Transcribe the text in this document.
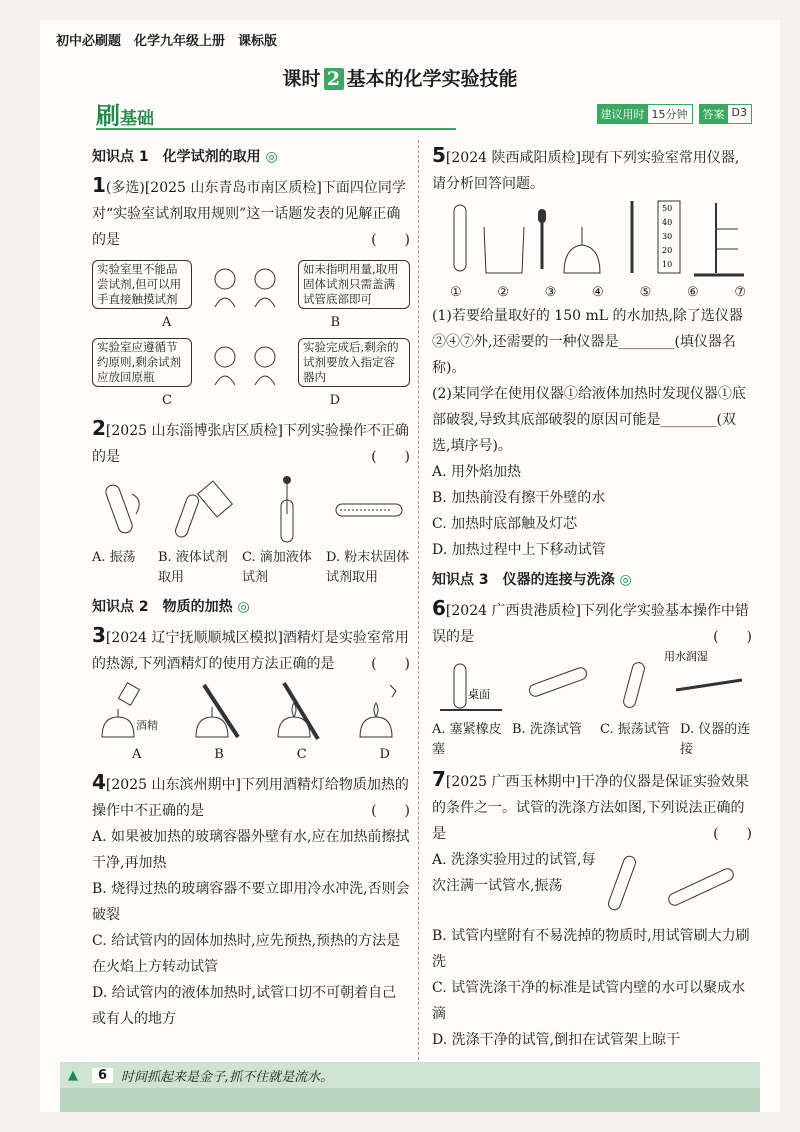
初中必刷题　化学九年级上册　课标版
课时 2 基本的化学实验技能
刷基础	建议用时 15分钟	答案 D3
知识点 1　化学试剂的取用 ◎
1(多选)[2025 山东青岛市南区质检]下面四位同学对“实验室试剂取用规则”这一话题发表的见解正确的是	(　　)
实验室里不能品尝试剂,但可以用手直接触摸试剂
如未指明用量,取用固体试剂只需盖满试管底部即可
A	B
实验室应遵循节约原则,剩余试剂应放回原瓶
实验完成后,剩余的试剂要放入指定容器内
C	D
2[2025 山东淄博张店区质检]下列实验操作不正确的是	(　　)
A. 振荡	B. 液体试剂取用
C. 滴加液体试剂
D. 粉末状固体试剂取用
知识点 2　物质的加热 ◎
3[2024 辽宁抚顺顺城区模拟]酒精灯是实验室常用的热源,下列酒精灯的使用方法正确的是	(　　)
酒精
A	B	C	D
4[2025 山东滨州期中]下列用酒精灯给物质加热的操作中不正确的是	(　　)
A. 如果被加热的玻璃容器外壁有水,应在加热前擦拭干净,再加热
B. 烧得过热的玻璃容器不要立即用冷水冲洗,否则会破裂
C. 给试管内的固体加热时,应先预热,预热的方法是在火焰上方转动试管
D. 给试管内的液体加热时,试管口切不可朝着自己或有人的地方
5[2024 陕西咸阳质检]现有下列实验室常用仪器,请分析回答问题。
50
40
30
20
10
①	②	③	④	⑤	⑥	⑦
(1)若要给量取好的 150 mL 的水加热,除了选仪器②④⑦外,还需要的一种仪器是________(填仪器名称)。
(2)某同学在使用仪器①给液体加热时发现仪器①底部破裂,导致其底部破裂的原因可能是________(双选,填序号)。
A. 用外焰加热
B. 加热前没有擦干外壁的水
C. 加热时底部触及灯芯
D. 加热过程中上下移动试管
知识点 3　仪器的连接与洗涤 ◎
6[2024 广西贵港质检]下列化学实验基本操作中错误的是	(　　)
桌面
用水润湿
A. 塞紧橡皮塞
B. 洗涤试管	C. 振荡试管 D. 仪器的连接
7[2025 广西玉林期中]干净的仪器是保证实验效果的条件之一。试管的洗涤方法如图,下列说法正确的是	(　　)
A. 洗涤实验用过的试管,每次注满一试管水,振荡
B. 试管内壁附有不易洗掉的物质时,用试管刷大力刷洗
C. 试管洗涤干净的标准是试管内壁的水可以聚成水滴
D. 洗涤干净的试管,倒扣在试管架上晾干
▲	6	时间抓起来是金子,抓不住就是流水。
